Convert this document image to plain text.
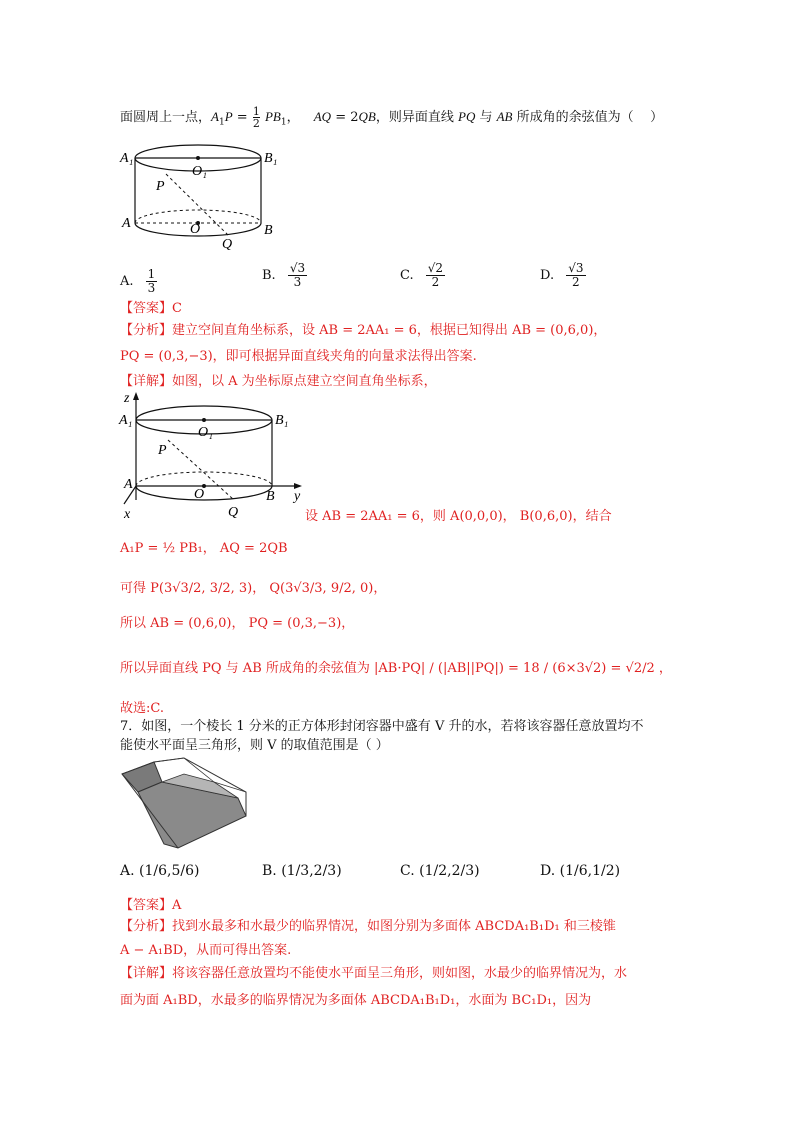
面圆周上一点，$A_1P = \frac{1}{2} PB_1$， AQ = 2QB，则异面直线 PQ 与 AB 所成角的余弦值为（    ）
A₁	B₁
O₁
P
A	O	B
Q
A. $\frac{1}{3}$	B. $\frac{√3}{3}$	C. $\frac{√2}{2}$	D. $\frac{√3}{2}$
【答案】C
【分析】建立空间直角坐标系，设 AB = 2AA₁ = 6，根据已知得出 AB = (0,6,0)，
PQ = (0,3,−3)，即可根据异面直线夹角的向量求法得出答案.
【详解】如图，以 A 为坐标原点建立空间直角坐标系，
z
A₁	B₁
O₁
P
A
O	B y
x	Q	设 AB = 2AA₁ = 6，则 A(0,0,0)， B(0,6,0)，结合
A₁P = ½ PB₁， AQ = 2QB
可得 P(3√3/2, 3/2, 3)， Q(3√3/3, 9/2, 0)，
所以 AB = (0,6,0)， PQ = (0,3,−3)，
所以异面直线 PQ 与 AB 所成角的余弦值为 |AB·PQ| / (|AB||PQ|) = 18 / (6×3√2) = √2/2 ，
故选:C.
7．如图，一个棱长 1 分米的正方体形封闭容器中盛有 V 升的水，若将该容器任意放置均不
能使水平面呈三角形，则 V 的取值范围是（ ）
A. (1/6,5/6)	B. (1/3,2/3)	C. (1/2,2/3)	D. (1/6,1/2)
【答案】A
【分析】找到水最多和水最少的临界情况，如图分别为多面体 ABCDA₁B₁D₁ 和三棱锥
A − A₁BD，从而可得出答案.
【详解】将该容器任意放置均不能使水平面呈三角形，则如图，水最少的临界情况为，水
面为面 A₁BD，水最多的临界情况为多面体 ABCDA₁B₁D₁，水面为 BC₁D₁，因为
